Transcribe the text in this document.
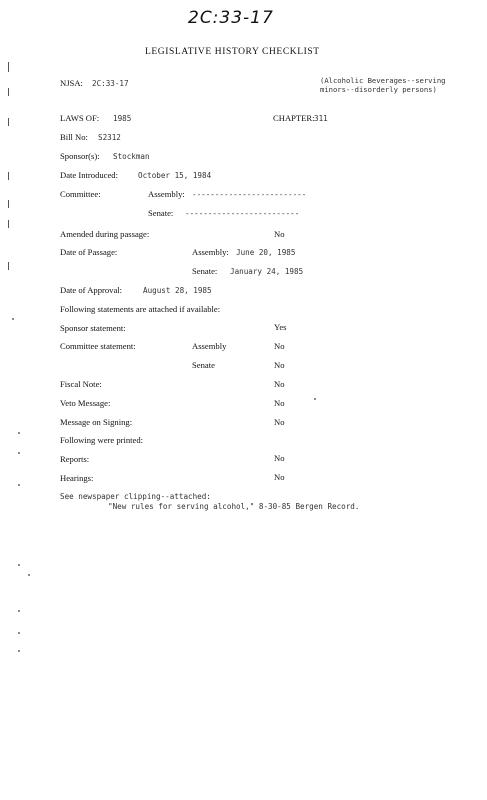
2C:33-17
LEGISLATIVE HISTORY CHECKLIST
NJSA: 2C:33-17	(Alcoholic Beverages--serving minors--disorderly persons)
LAWS OF: 1985	CHAPTER: 311
Bill No: S2312
Sponsor(s): Stockman
Date Introduced:	October 15, 1984
Committee:	Assembly: -------------------------
Senate: -------------------------
Amended during passage:	No
Date of Passage:	Assembly: June 20, 1985
Senate: January 24, 1985
Date of Approval:	August 28, 1985
Following statements are attached if available:
Sponsor statement:	Yes
Committee statement:	Assembly	No
Senate	No
Fiscal Note:	No
Veto Message:	No
Message on Signing:	No
Following were printed:
Reports:	No
Hearings:	No
See newspaper clipping--attached:
"New rules for serving alcohol," 8-30-85 Bergen Record.
